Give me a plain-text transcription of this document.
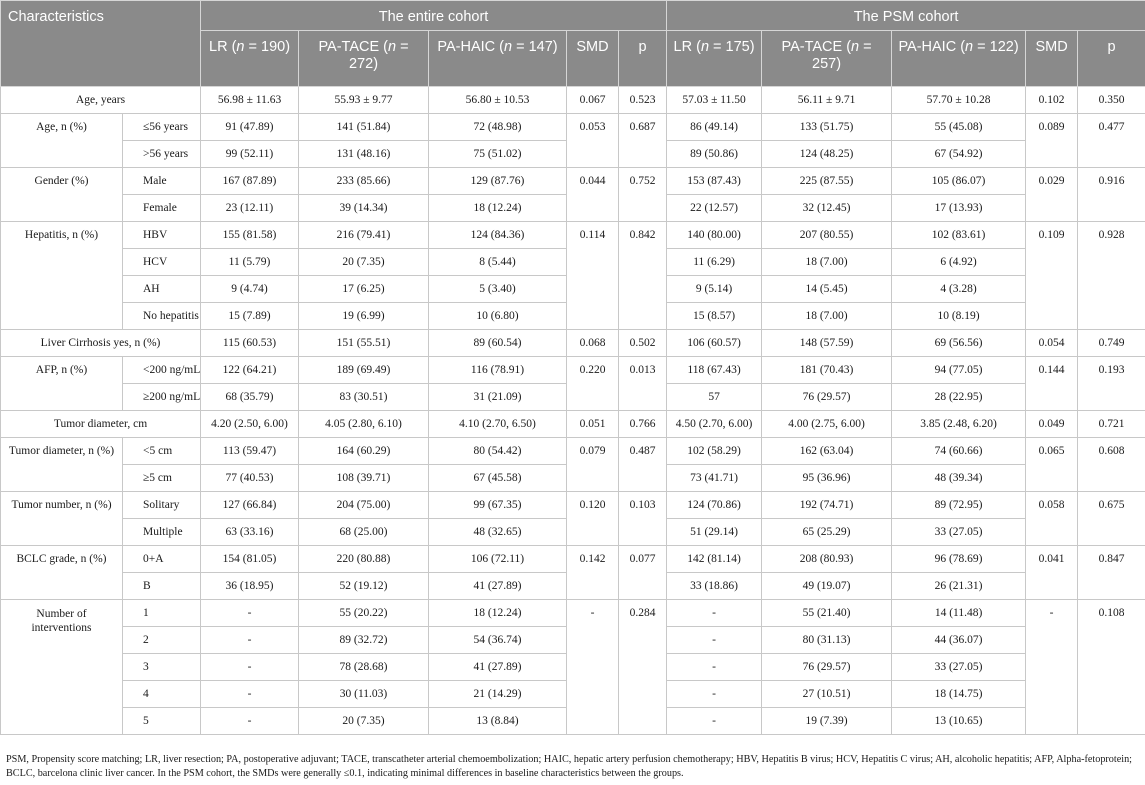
Characteristics		The entire cohort					The PSM cohort				
		LR (n = 190)	PA-TACE (n = 272)	PA-HAIC (n = 147)	SMD	p	LR (n = 175)	PA-TACE (n = 257)	PA-HAIC (n = 122)	SMD	p
Age, years		56.98 ± 11.63	55.93 ± 9.77	56.80 ± 10.53	0.067	0.523	57.03 ± 11.50	56.11 ± 9.71	57.70 ± 10.28	0.102	0.350
Age, n (%)	≤56 years	91 (47.89)	141 (51.84)	72 (48.98)	0.053	0.687	86 (49.14)	133 (51.75)	55 (45.08)	0.089	0.477
	>56 years	99 (52.11)	131 (48.16)	75 (51.02)			89 (50.86)	124 (48.25)	67 (54.92)		
Gender (%)	Male	167 (87.89)	233 (85.66)	129 (87.76)	0.044	0.752	153 (87.43)	225 (87.55)	105 (86.07)	0.029	0.916
	Female	23 (12.11)	39 (14.34)	18 (12.24)			22 (12.57)	32 (12.45)	17 (13.93)		
Hepatitis, n (%)	HBV	155 (81.58)	216 (79.41)	124 (84.36)	0.114	0.842	140 (80.00)	207 (80.55)	102 (83.61)	0.109	0.928
	HCV	11 (5.79)	20 (7.35)	8 (5.44)			11 (6.29)	18 (7.00)	6 (4.92)		
	AH	9 (4.74)	17 (6.25)	5 (3.40)			9 (5.14)	14 (5.45)	4 (3.28)		
	No hepatitis	15 (7.89)	19 (6.99)	10 (6.80)			15 (8.57)	18 (7.00)	10 (8.19)		
Liver Cirrhosis yes, n (%)		115 (60.53)	151 (55.51)	89 (60.54)	0.068	0.502	106 (60.57)	148 (57.59)	69 (56.56)	0.054	0.749
AFP, n (%)	<200 ng/mL	122 (64.21)	189 (69.49)	116 (78.91)	0.220	0.013	118 (67.43)	181 (70.43)	94 (77.05)	0.144	0.193
	≥200 ng/mL	68 (35.79)	83 (30.51)	31 (21.09)			57	76 (29.57)	28 (22.95)		
Tumor diameter, cm		4.20 (2.50, 6.00)	4.05 (2.80, 6.10)	4.10 (2.70, 6.50)	0.051	0.766	4.50 (2.70, 6.00)	4.00 (2.75, 6.00)	3.85 (2.48, 6.20)	0.049	0.721
Tumor diameter, n (%)	<5 cm	113 (59.47)	164 (60.29)	80 (54.42)	0.079	0.487	102 (58.29)	162 (63.04)	74 (60.66)	0.065	0.608
	≥5 cm	77 (40.53)	108 (39.71)	67 (45.58)			73 (41.71)	95 (36.96)	48 (39.34)		
Tumor number, n (%)	Solitary	127 (66.84)	204 (75.00)	99 (67.35)	0.120	0.103	124 (70.86)	192 (74.71)	89 (72.95)	0.058	0.675
	Multiple	63 (33.16)	68 (25.00)	48 (32.65)			51 (29.14)	65 (25.29)	33 (27.05)		
BCLC grade, n (%)	0+A	154 (81.05)	220 (80.88)	106 (72.11)	0.142	0.077	142 (81.14)	208 (80.93)	96 (78.69)	0.041	0.847
	B	36 (18.95)	52 (19.12)	41 (27.89)			33 (18.86)	49 (19.07)	26 (21.31)		
Number of interventions	1	-	55 (20.22)	18 (12.24)	-	0.284	-	55 (21.40)	14 (11.48)	-	0.108
	2	-	89 (32.72)	54 (36.74)			-	80 (31.13)	44 (36.07)		
	3	-	78 (28.68)	41 (27.89)			-	76 (29.57)	33 (27.05)		
	4	-	30 (11.03)	21 (14.29)			-	27 (10.51)	18 (14.75)		
	5	-	20 (7.35)	13 (8.84)			-	19 (7.39)	13 (10.65)		
PSM, Propensity score matching; LR, liver resection; PA, postoperative adjuvant; TACE, transcatheter arterial chemoembolization; HAIC, hepatic artery perfusion chemotherapy; HBV, Hepatitis B virus; HCV, Hepatitis C virus; AH, alcoholic hepatitis; AFP, Alpha-fetoprotein; BCLC, barcelona clinic liver cancer. In the PSM cohort, the SMDs were generally ≤0.1, indicating minimal differences in baseline characteristics between the groups.
